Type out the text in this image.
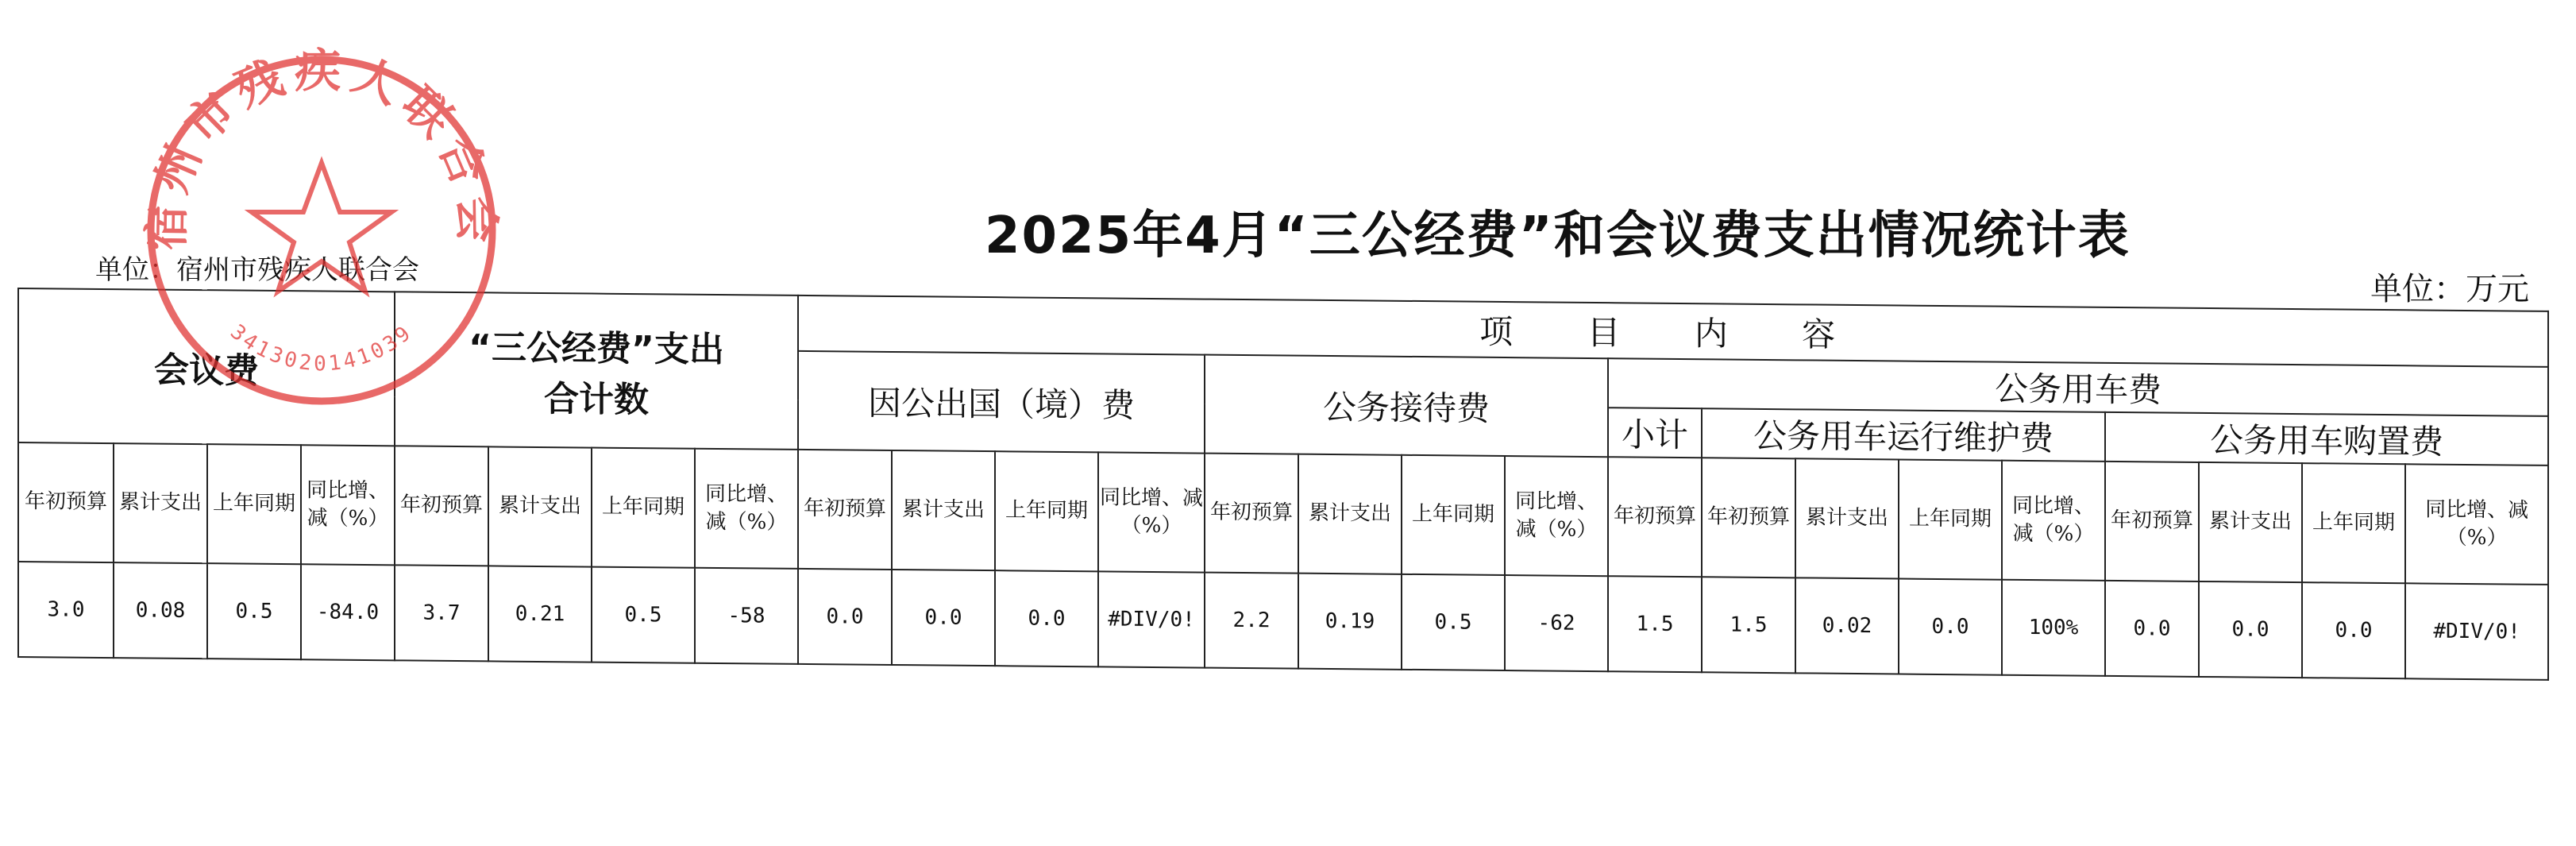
2025年4月“三公经费”和会议费支出情况统计表
单位：宿州市残疾人联合会
单位：万元
会议费				“三公经费”支出
合计数				项 目 内 容																
								因公出国（境）费				公务接待费				公务用车费								
																小计	公务用车运行维护费				公务用车购置费			
年初预算	累计支出	上年同期	同比增、减（%）	年初预算	累计支出	上年同期	同比增、减（%）	年初预算	累计支出	上年同期	同比增、减（%）	年初预算	累计支出	上年同期	同比增、减（%）	年初预算	年初预算	累计支出	上年同期	同比增、减（%）	年初预算	累计支出	上年同期	同比增、减（%）
3.0	0.08	0.5	-84.0	3.7	0.21	0.5	-58	0.0	0.0	0.0	#DIV/0!	2.2	0.19	0.5	-62	1.5	1.5	0.02	0.0	100%	0.0	0.0	0.0	#DIV/0!
宿州市残疾人联合会
3413020141039
